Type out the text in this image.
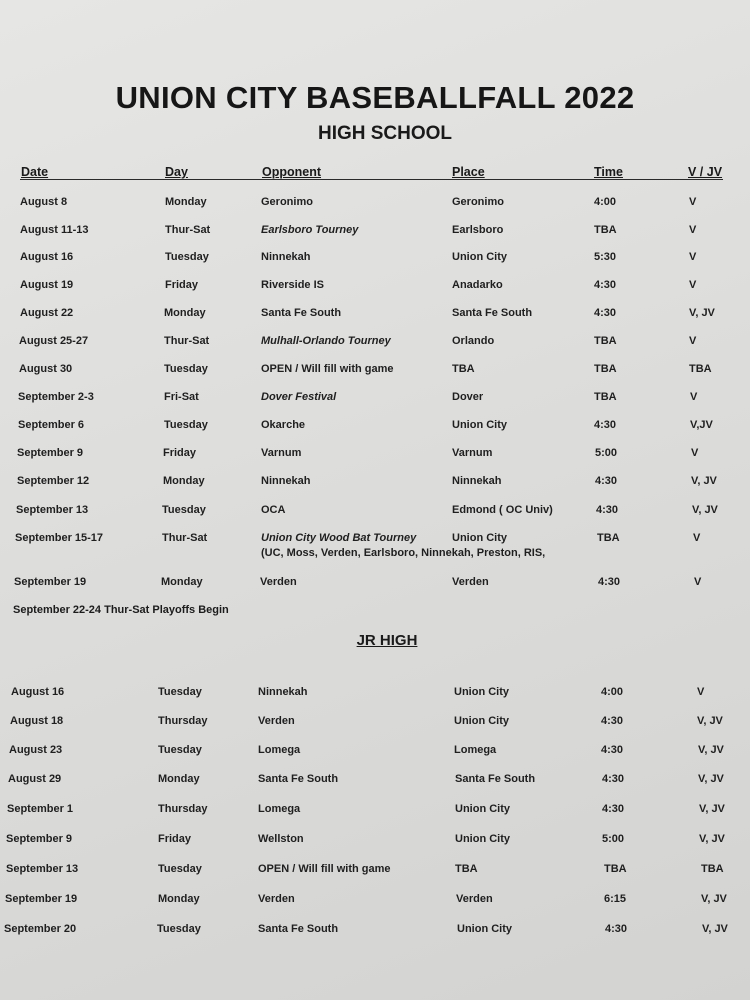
UNION CITY BASEBALLFALL 2022
HIGH SCHOOL
Date	Day	Opponent	Place	Time	V / JV
August 8	Monday	Geronimo	Geronimo	4:00	V
August 11-13	Thur-Sat	Earlsboro Tourney	Earlsboro	TBA	V
August 16	Tuesday	Ninnekah	Union City	5:30	V
August 19	Friday	Riverside IS	Anadarko	4:30	V
August 22	Monday	Santa Fe South	Santa Fe South	4:30	V, JV
August 25-27	Thur-Sat	Mulhall-Orlando Tourney	Orlando	TBA	V
August 30	Tuesday	OPEN / Will fill with game	TBA	TBA	TBA
September 2-3	Fri-Sat	Dover Festival	Dover	TBA	V
September 6	Tuesday	Okarche	Union City	4:30	V,JV
September 9	Friday	Varnum	Varnum	5:00	V
September 12	Monday	Ninnekah	Ninnekah	4:30	V, JV
September 13	Tuesday	OCA	Edmond ( OC Univ)	4:30	V, JV
September 15-17	Thur-Sat	Union City Wood Bat Tourney	Union City	TBA	V
(UC, Moss, Verden, Earlsboro, Ninnekah, Preston, RIS,
September 19	Monday	Verden	Verden	4:30	V
September 22-24 Thur-Sat Playoffs Begin
JR HIGH
August 16	Tuesday	Ninnekah	Union City	4:00	V
August 18	Thursday	Verden	Union City	4:30	V, JV
August 23	Tuesday	Lomega	Lomega	4:30	V, JV
August 29	Monday	Santa Fe South	Santa Fe South	4:30	V, JV
September 1	Thursday	Lomega	Union City	4:30	V, JV
September 9	Friday	Wellston	Union City	5:00	V, JV
September 13	Tuesday	OPEN / Will fill with game	TBA	TBA	TBA
September 19	Monday	Verden	Verden	6:15	V, JV
September 20	Tuesday	Santa Fe South	Union City	4:30	V, JV
